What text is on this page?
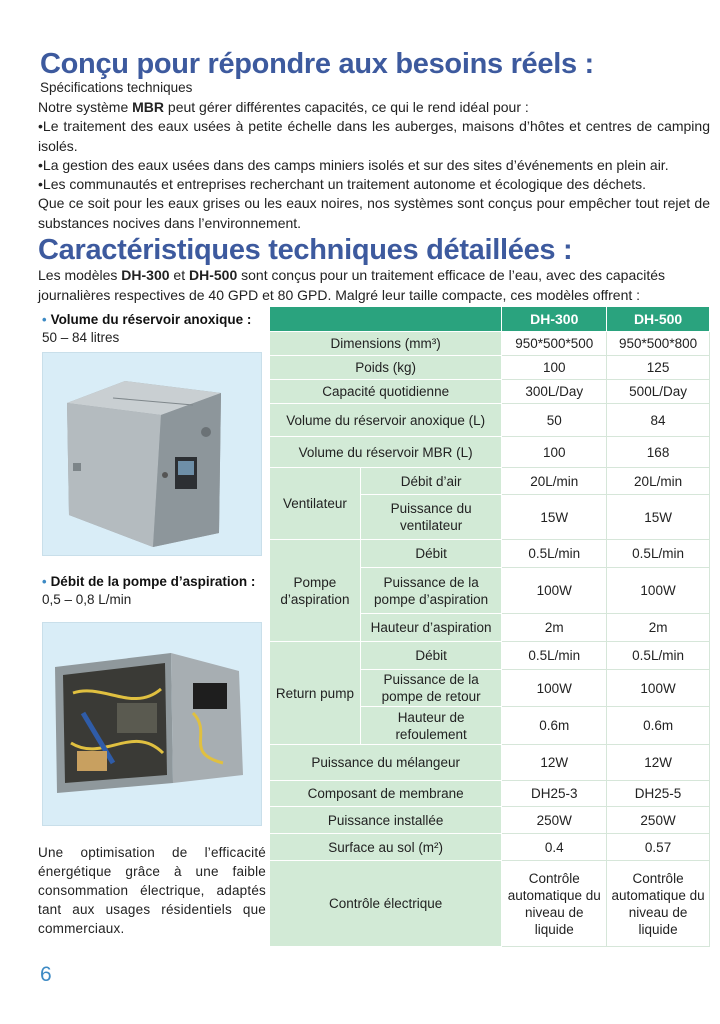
Conçu pour répondre aux besoins réels :
Spécifications techniques
Notre système MBR peut gérer différentes capacités, ce qui le rend idéal pour :
•Le traitement des eaux usées à petite échelle dans les auberges, maisons d’hôtes et centres de camping isolés.
•La gestion des eaux usées dans des camps miniers isolés et sur des sites d’événements en plein air.
•Les communautés et entreprises recherchant un traitement autonome et écologique des déchets.
Que ce soit pour les eaux grises ou les eaux noires, nos systèmes sont conçus pour empêcher tout rejet de substances nocives dans l’environnement.
Caractéristiques techniques détaillées :
Les modèles DH-300 et DH-500 sont conçus pour un traitement efficace de l’eau, avec des capacités journalières respectives de 40 GPD et 80 GPD. Malgré leur taille compacte, ces modèles offrent :
• Volume du réservoir anoxique :
50 – 84 litres
• Débit de la pompe d’aspiration :
0,5 – 0,8 L/min
Une optimisation de l’efficacité énergétique grâce à une faible consommation électrique, adaptés tant aux usages résidentiels que commerciaux.
6
		DH-300	DH-500
Dimensions (mm³)		950*500*500	950*500*800
Poids (kg)		100	125
Capacité quotidienne		300L/Day	500L/Day
Volume du réservoir anoxique (L)		50	84
Volume du réservoir MBR (L)		100	168
Ventilateur	Débit d’air	20L/min	20L/min
	Puissance du ventilateur	15W	15W
Pompe d’aspiration	Débit	0.5L/min	0.5L/min
	Puissance de la pompe d’aspiration	100W	100W
	Hauteur d’aspiration	2m	2m
Return pump	Débit	0.5L/min	0.5L/min
	Puissance de la pompe de retour	100W	100W
	Hauteur de refoulement	0.6m	0.6m
Puissance du mélangeur		12W	12W
Composant de membrane		DH25-3	DH25-5
Puissance installée		250W	250W
Surface au sol (m²)		0.4	0.57
Contrôle électrique		Contrôle automatique du niveau de liquide	Contrôle automatique du niveau de liquide
